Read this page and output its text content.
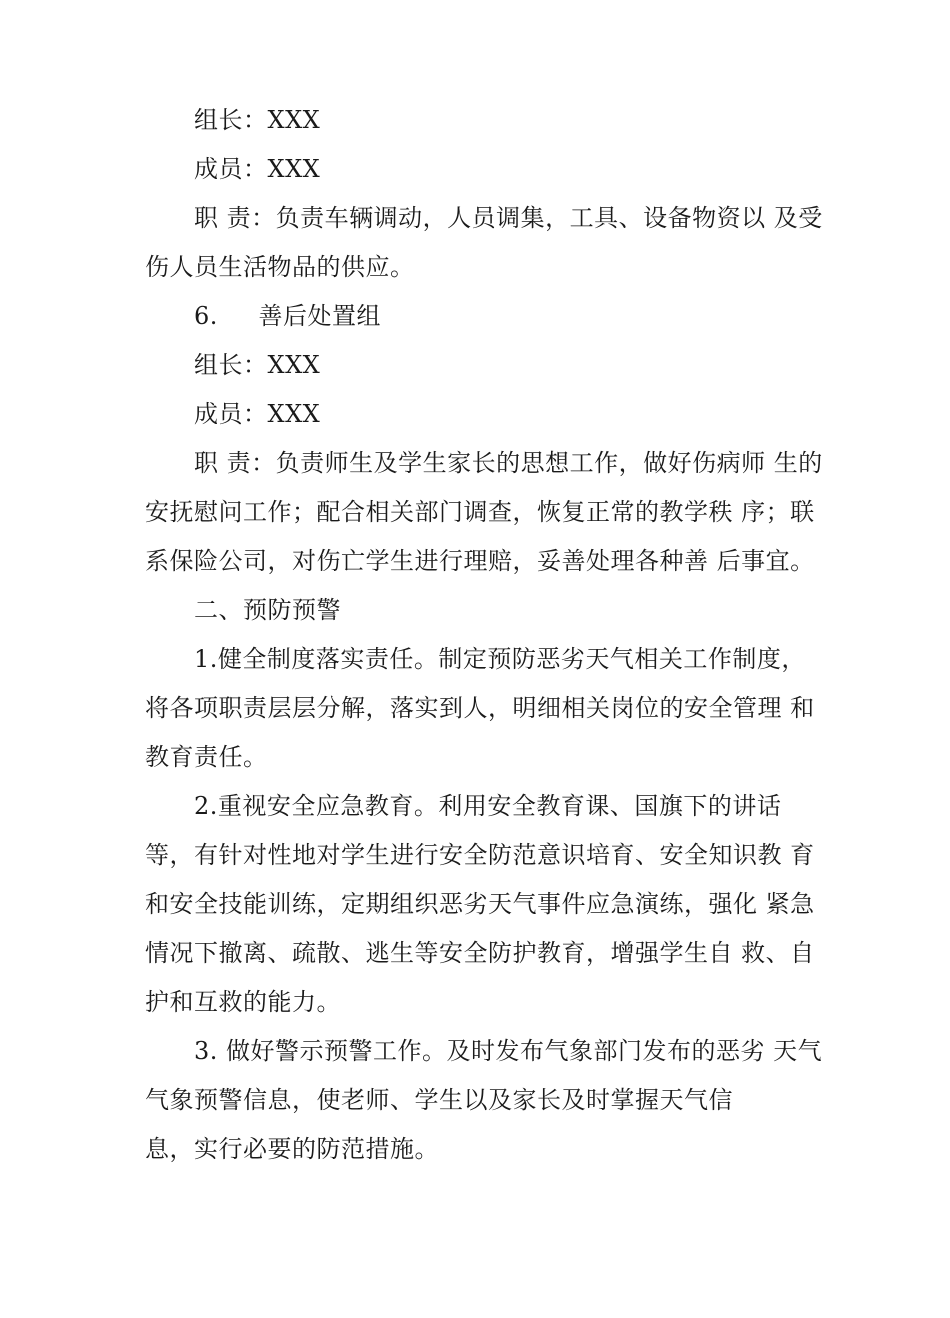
组长：XXX
成员：XXX
职 责：负责车辆调动，人员调集，工具、设备物资以 及受
伤人员生活物品的供应。
6.     善后处置组
组长：XXX
成员：XXX
职 责：负责师生及学生家长的思想工作，做好伤病师 生的
安抚慰问工作；配合相关部门调查，恢复正常的教学秩 序；联
系保险公司，对伤亡学生进行理赔，妥善处理各种善 后事宜。
二、预防预警
1.健全制度落实责任。制定预防恶劣天气相关工作制度，
将各项职责层层分解，落实到人，明细相关岗位的安全管理 和
教育责任。
2.重视安全应急教育。利用安全教育课、国旗下的讲话
等，有针对性地对学生进行安全防范意识培育、安全知识教 育
和安全技能训练，定期组织恶劣天气事件应急演练，强化 紧急
情况下撤离、疏散、逃生等安全防护教育，增强学生自 救、自
护和互救的能力。
3. 做好警示预警工作。及时发布气象部门发布的恶劣 天气
气象预警信息，使老师、学生以及家长及时掌握天气信
息，实行必要的防范措施。
